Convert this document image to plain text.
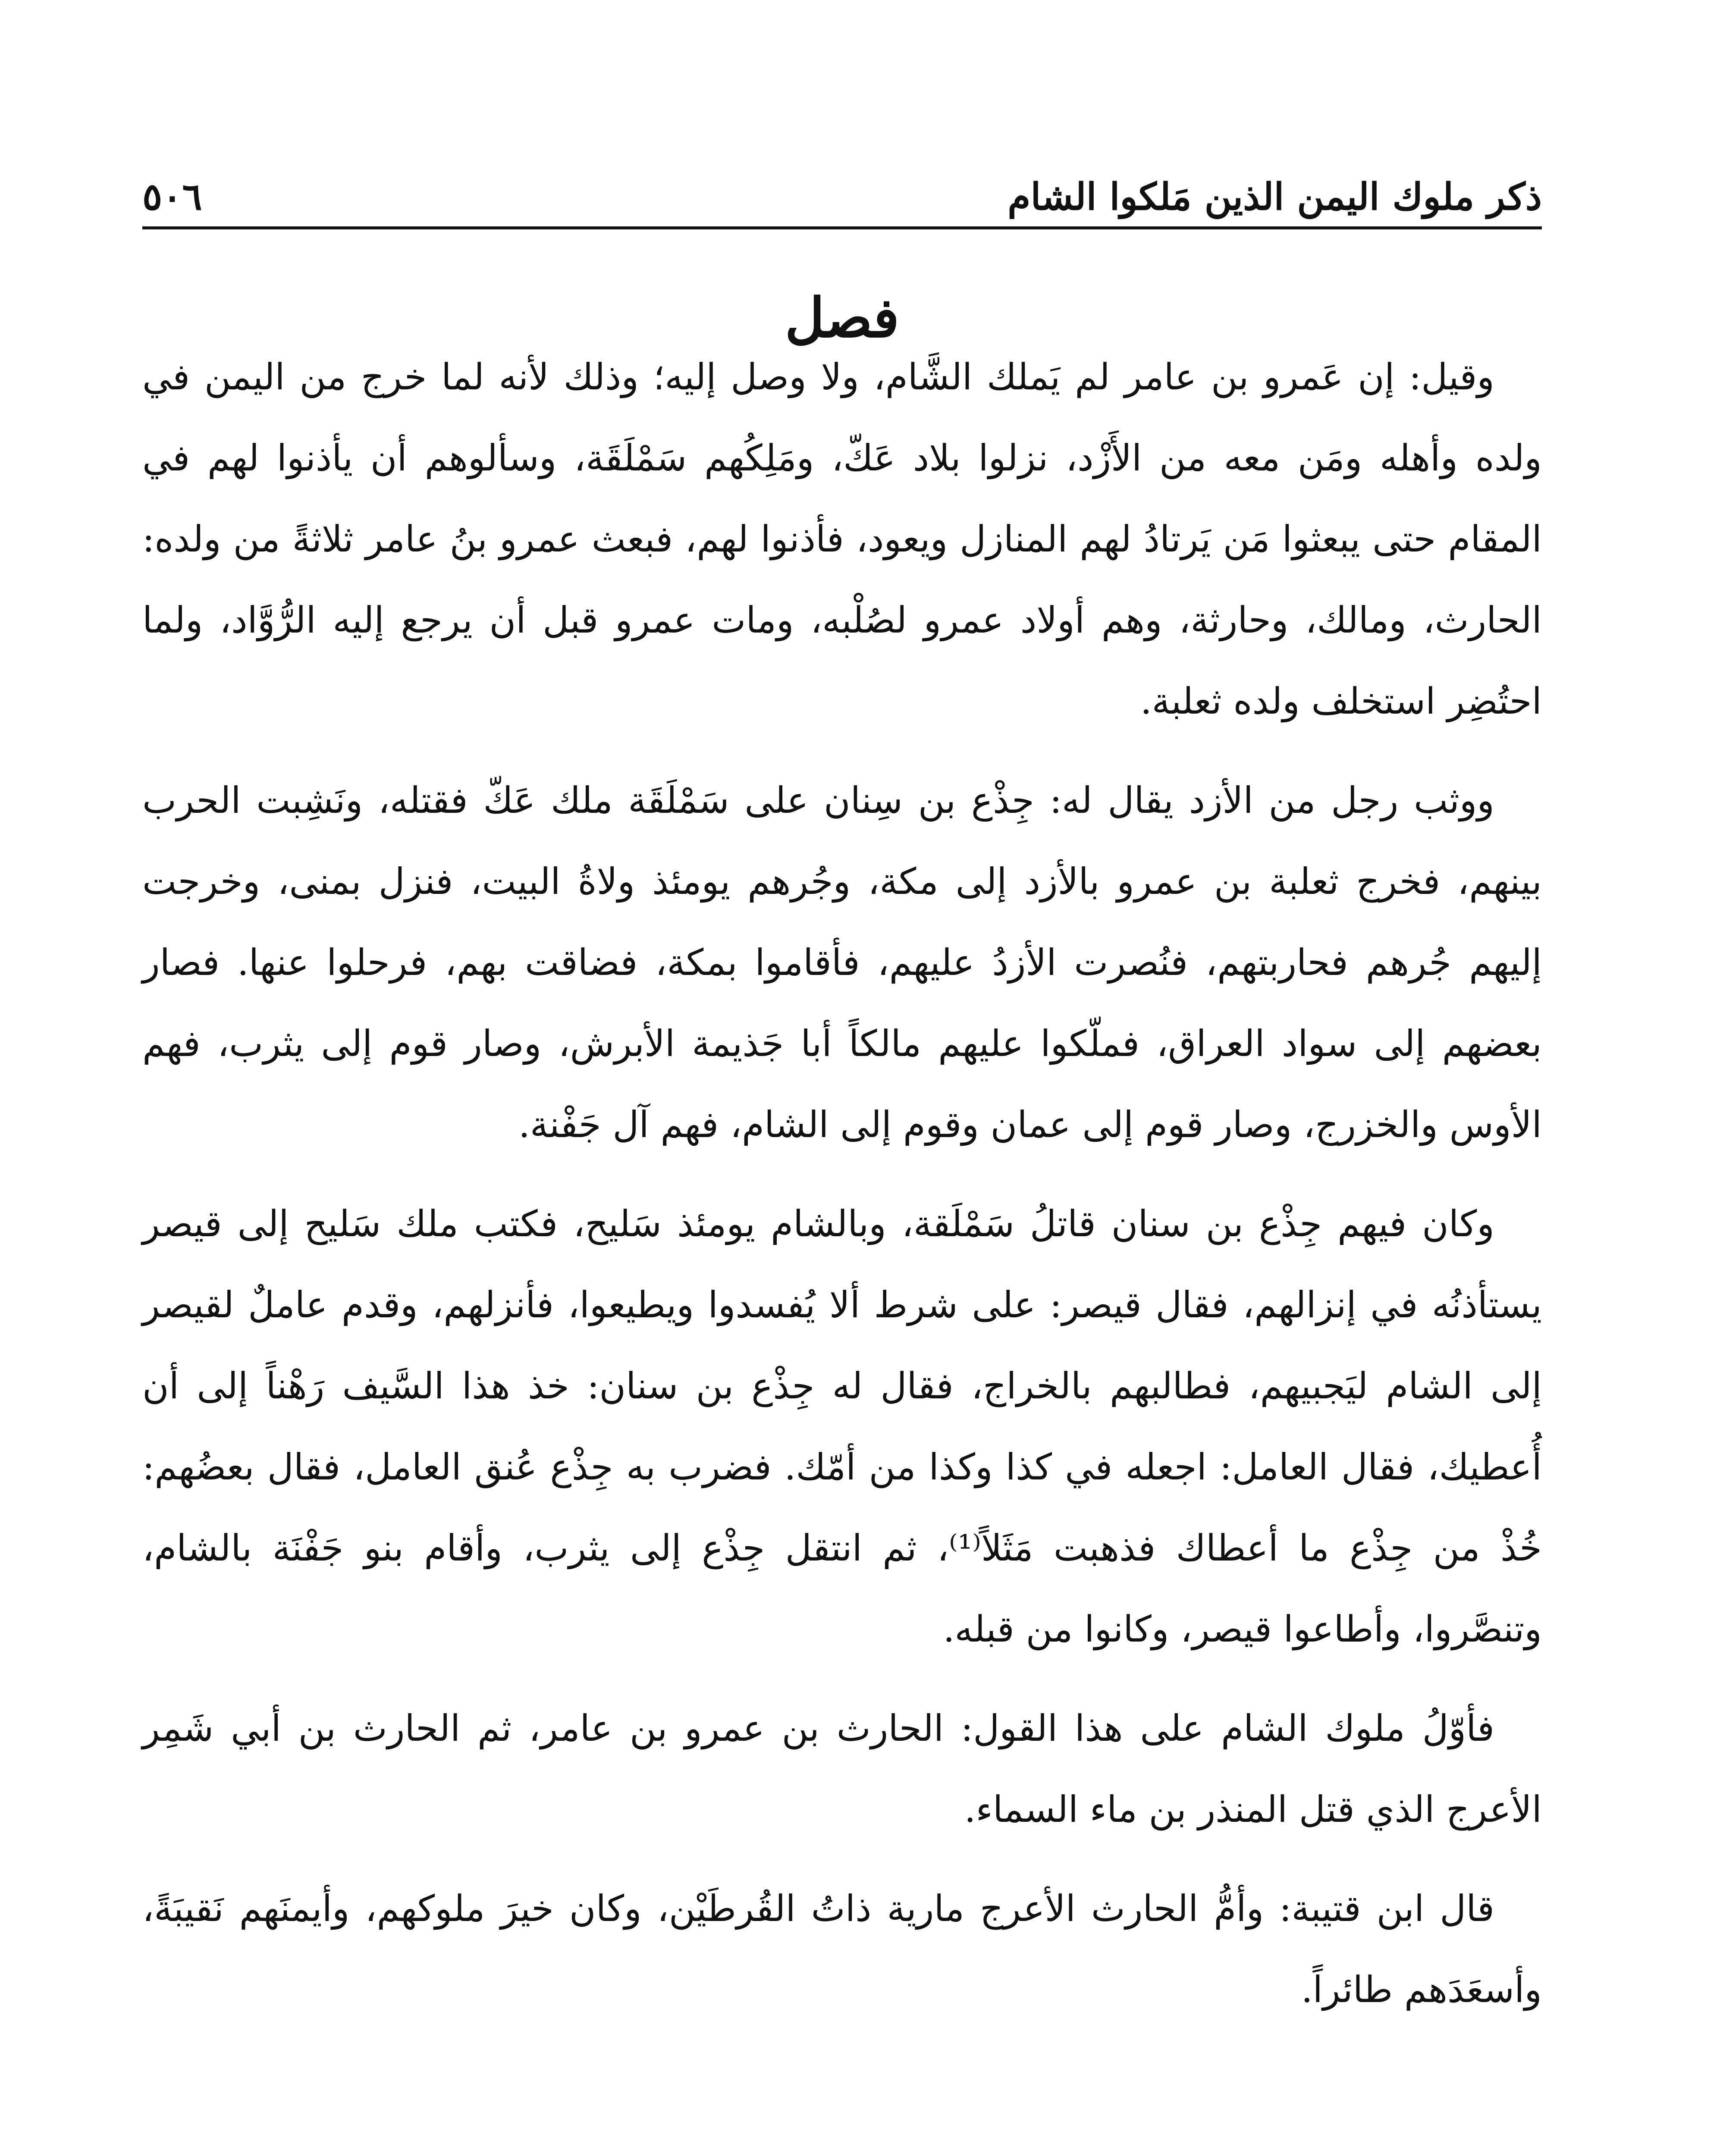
ذكر ملوك اليمن الذين مَلكوا الشام
٥٠٦
فصل

وقيل: إن عَمرو بن عامر لم يَملك الشَّام، ولا وصل إليه؛ وذلك لأنه لما خرج من اليمن في ولده وأهله ومَن معه من الأَزْد، نزلوا بلاد عَكّ، ومَلِكُهم سَمْلَقَة، وسألوهم أن يأذنوا لهم في المقام حتى يبعثوا مَن يَرتادُ لهم المنازل ويعود، فأذنوا لهم، فبعث عمرو بنُ عامر ثلاثةً من ولده: الحارث، ومالك، وحارثة، وهم أولاد عمرو لصُلْبه، ومات عمرو قبل أن يرجع إليه الرُّوَّاد، ولما احتُضِر استخلف ولده ثعلبة.

ووثب رجل من الأزد يقال له: جِذْع بن سِنان على سَمْلَقَة ملك عَكّ فقتله، ونَشِبت الحرب بينهم، فخرج ثعلبة بن عمرو بالأزد إلى مكة، وجُرهم يومئذ ولاةُ البيت، فنزل بمنى، وخرجت إليهم جُرهم فحاربتهم، فنُصرت الأزدُ عليهم، فأقاموا بمكة، فضاقت بهم، فرحلوا عنها. فصار بعضهم إلى سواد العراق، فملّكوا عليهم مالكاً أبا جَذيمة الأبرش، وصار قوم إلى يثرب، فهم الأوس والخزرج، وصار قوم إلى عمان وقوم إلى الشام، فهم آل جَفْنة.

وكان فيهم جِذْع بن سنان قاتلُ سَمْلَقة، وبالشام يومئذ سَليح، فكتب ملك سَليح إلى قيصر يستأذنُه في إنزالهم، فقال قيصر: على شرط ألا يُفسدوا ويطيعوا، فأنزلهم، وقدم عاملٌ لقيصر إلى الشام ليَجبيهم، فطالبهم بالخراج، فقال له جِذْع بن سنان: خذ هذا السَّيف رَهْناً إلى أن أُعطيك، فقال العامل: اجعله في كذا وكذا من أمّك. فضرب به جِذْع عُنق العامل، فقال بعضُهم: خُذْ من جِذْع ما أعطاك فذهبت مَثَلاً⁽¹⁾، ثم انتقل جِذْع إلى يثرب، وأقام بنو جَفْنَة بالشام، وتنصَّروا، وأطاعوا قيصر، وكانوا من قبله.

فأوّلُ ملوك الشام على هذا القول: الحارث بن عمرو بن عامر، ثم الحارث بن أبي شَمِر الأعرج الذي قتل المنذر بن ماء السماء.

قال ابن قتيبة: وأمُّ الحارث الأعرج مارية ذاتُ القُرطَيْن، وكان خيرَ ملوكهم، وأيمنَهم نَقيبَةً، وأسعَدَهم طائراً.
